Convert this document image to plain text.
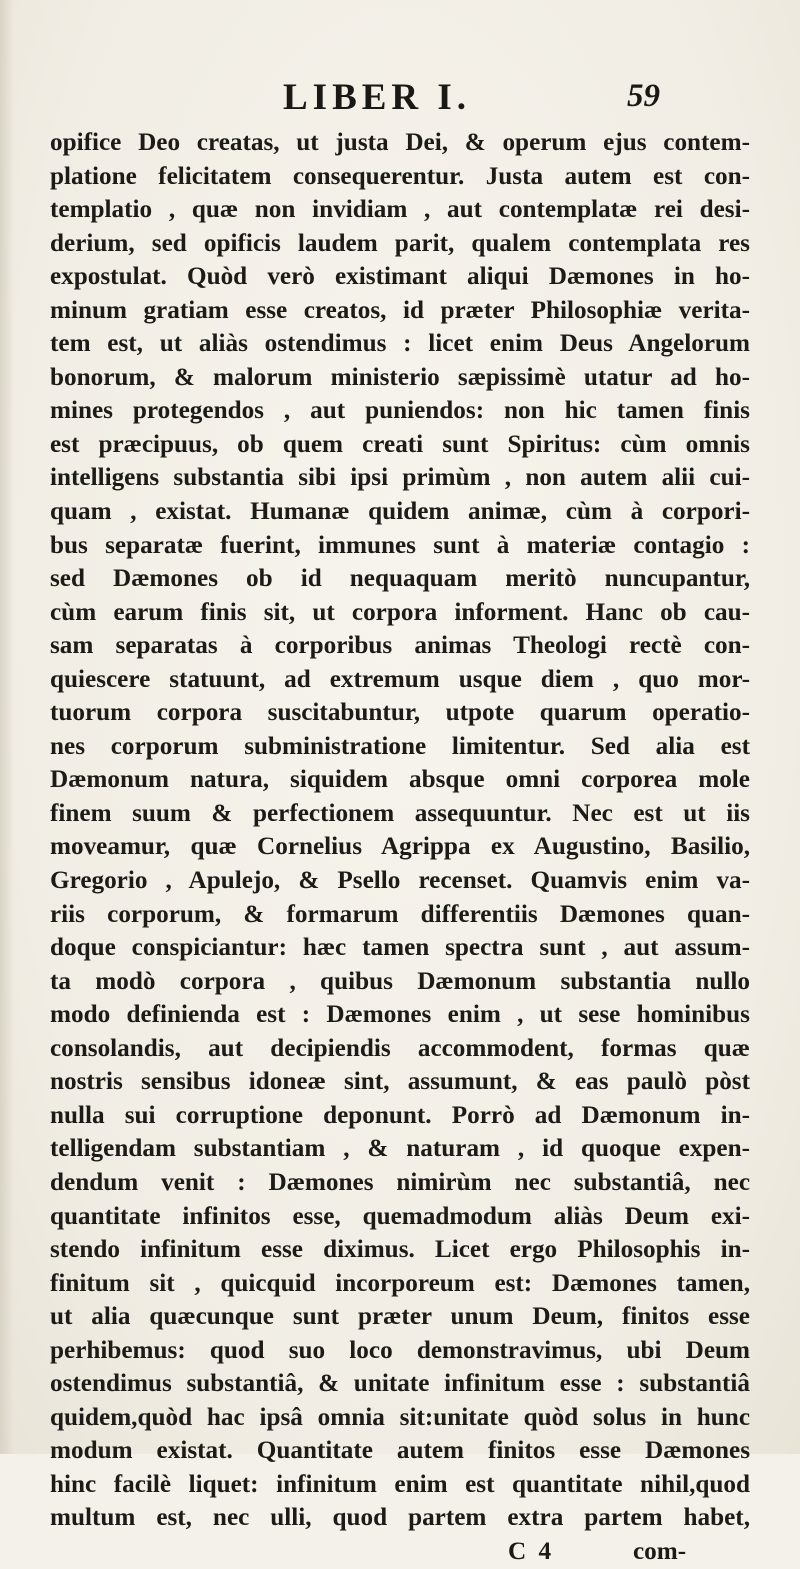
LIBER I.	59
opifice Deo creatas, ut justa Dei, & operum ejus contem-
platione felicitatem consequerentur. Justa autem est con-
templatio , quæ non invidiam , aut contemplatæ rei desi-
derium, sed opificis laudem parit, qualem contemplata res
expostulat. Quòd verò existimant aliqui Dæmones in ho-
minum gratiam esse creatos, id præter Philosophiæ verita-
tem est, ut aliàs ostendimus : licet enim Deus Angelorum
bonorum, & malorum ministerio sæpissimè utatur ad ho-
mines protegendos , aut puniendos: non hic tamen finis
est præcipuus, ob quem creati sunt Spiritus: cùm omnis
intelligens substantia sibi ipsi primùm , non autem alii cui-
quam , existat. Humanæ quidem animæ, cùm à corpori-
bus separatæ fuerint, immunes sunt à materiæ contagio :
sed Dæmones ob id nequaquam meritò nuncupantur,
cùm earum finis sit, ut corpora informent. Hanc ob cau-
sam separatas à corporibus animas Theologi rectè con-
quiescere statuunt, ad extremum usque diem , quo mor-
tuorum corpora suscitabuntur, utpote quarum operatio-
nes corporum subministratione limitentur. Sed alia est
Dæmonum natura, siquidem absque omni corporea mole
finem suum & perfectionem assequuntur. Nec est ut iis
moveamur, quæ Cornelius Agrippa ex Augustino, Basilio,
Gregorio , Apulejo, & Psello recenset. Quamvis enim va-
riis corporum, & formarum differentiis Dæmones quan-
doque conspiciantur: hæc tamen spectra sunt , aut assum-
ta modò corpora , quibus Dæmonum substantia nullo
modo definienda est : Dæmones enim , ut sese hominibus
consolandis, aut decipiendis accommodent, formas quæ
nostris sensibus idoneæ sint, assumunt, & eas paulò pòst
nulla sui corruptione deponunt. Porrò ad Dæmonum in-
telligendam substantiam , & naturam , id quoque expen-
dendum venit : Dæmones nimirùm nec substantiâ, nec
quantitate infinitos esse, quemadmodum aliàs Deum exi-
stendo infinitum esse diximus. Licet ergo Philosophis in-
finitum sit , quicquid incorporeum est: Dæmones tamen,
ut alia quæcunque sunt præter unum Deum, finitos esse
perhibemus: quod suo loco demonstravimus, ubi Deum
ostendimus substantiâ, & unitate infinitum esse : substantiâ
quidem,quòd hac ipsâ omnia sit:unitate quòd solus in hunc
modum existat. Quantitate autem finitos esse Dæmones
hinc facilè liquet: infinitum enim est quantitate nihil,quod
multum est, nec ulli, quod partem extra partem habet,
C 4	com-
